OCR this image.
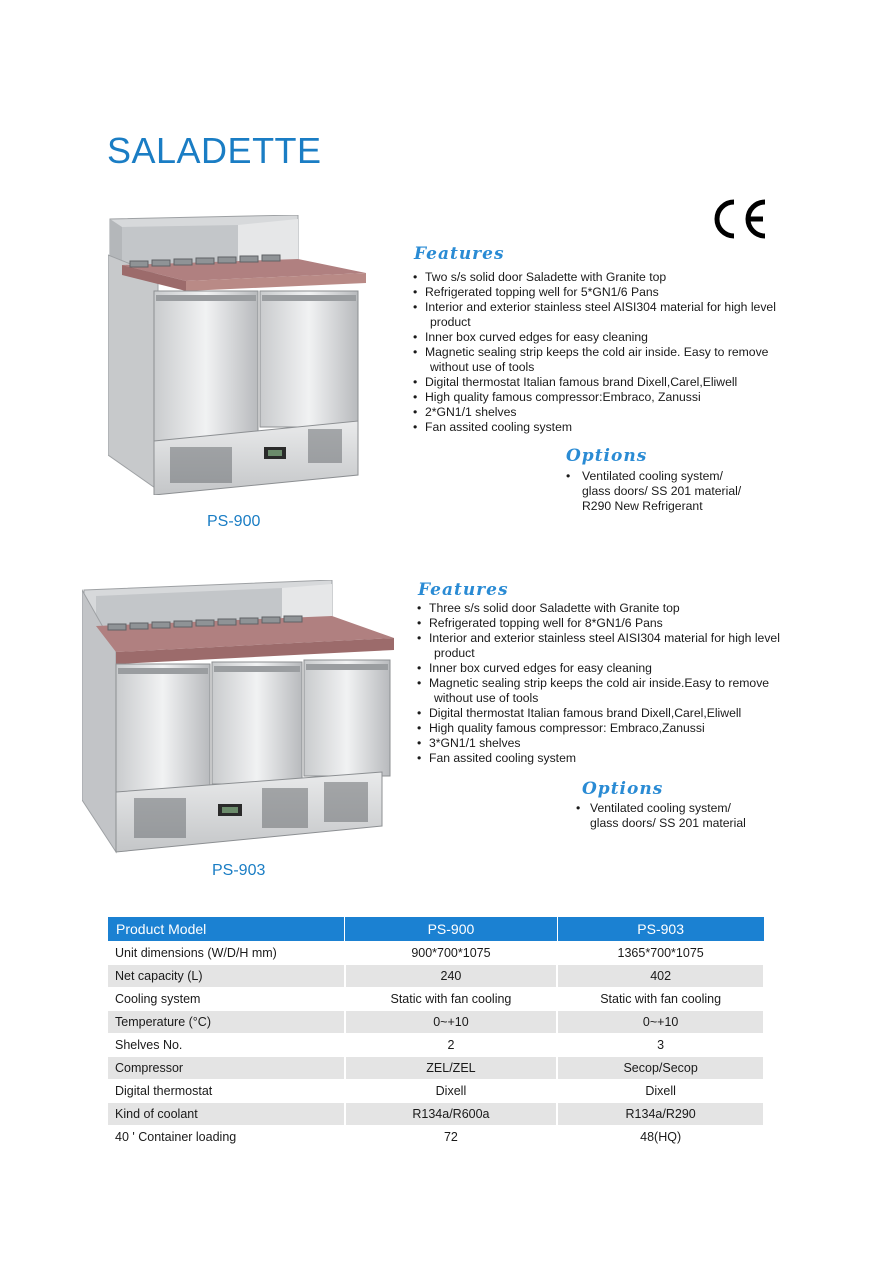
SALADETTE
PS-900
Features
• Two s/s solid door Saladette with Granite top
• Refrigerated topping well for 5*GN1/6 Pans
• Interior and exterior stainless steel AISI304 material for high level
product
• Inner box curved edges for easy cleaning
• Magnetic sealing strip keeps the cold air inside. Easy to remove
without use of tools
• Digital thermostat Italian famous brand Dixell,Carel,Eliwell
• High quality famous compressor:Embraco, Zanussi
• 2*GN1/1 shelves
• Fan assited cooling system
Options
• Ventilated cooling system/
glass doors/ SS 201 material/
R290 New Refrigerant
PS-903
Features
• Three s/s solid door Saladette with Granite top
• Refrigerated topping well for 8*GN1/6 Pans
• Interior and exterior stainless steel AISI304 material for high level
product
• Inner box curved edges for easy cleaning
• Magnetic sealing strip keeps the cold air inside.Easy to remove
without use of tools
• Digital thermostat Italian famous brand Dixell,Carel,Eliwell
• High quality famous compressor: Embraco,Zanussi
• 3*GN1/1 shelves
• Fan assited cooling system
Options
• Ventilated cooling system/
glass doors/ SS 201 material
Product Model	PS-900	PS-903
Unit dimensions (W/D/H mm)	900*700*1075	1365*700*1075
Net capacity (L)	240	402
Cooling system	Static with fan cooling	Static with fan cooling
Temperature (°C)	0~+10	0~+10
Shelves No.	2	3
Compressor	ZEL/ZEL	Secop/Secop
Digital thermostat	Dixell	Dixell
Kind of coolant	R134a/R600a	R134a/R290
40 ' Container loading	72	48(HQ)
